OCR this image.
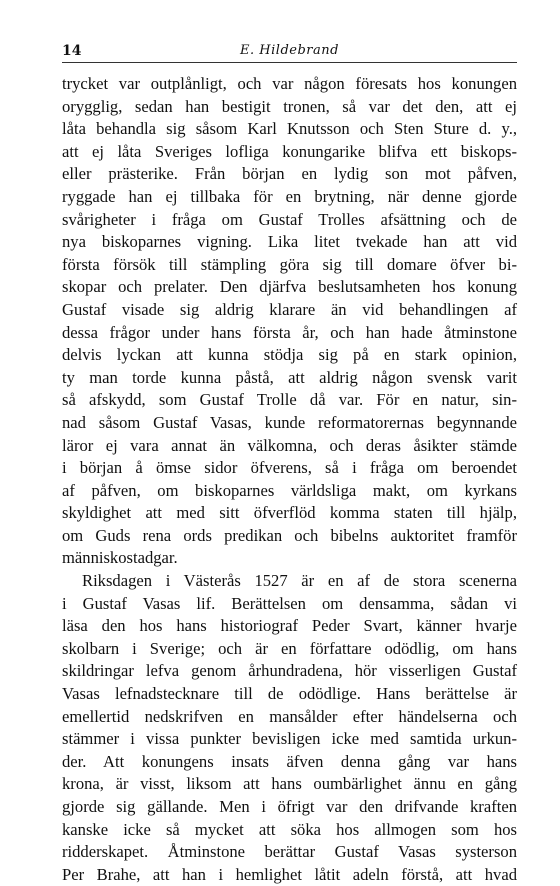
14	E. Hildebrand
trycket var outplånligt, och var någon föresats hos konungen
orygglig, sedan han bestigit tronen, så var det den, att ej
låta behandla sig såsom Karl Knutsson och Sten Sture d. y.,
att ej låta Sveriges lofliga konungarike blifva ett biskops-
eller prästerike. Från början en lydig son mot påfven,
ryggade han ej tillbaka för en brytning, när denne gjorde
svårigheter i fråga om Gustaf Trolles afsättning och de
nya biskoparnes vigning. Lika litet tvekade han att vid
första försök till stämpling göra sig till domare öfver bi-
skopar och prelater. Den djärfva beslutsamheten hos konung
Gustaf visade sig aldrig klarare än vid behandlingen af
dessa frågor under hans första år, och han hade åtminstone
delvis lyckan att kunna stödja sig på en stark opinion,
ty man torde kunna påstå, att aldrig någon svensk varit
så afskydd, som Gustaf Trolle då var. För en natur, sin-
nad såsom Gustaf Vasas, kunde reformatorernas begynnande
läror ej vara annat än välkomna, och deras åsikter stämde
i början å ömse sidor öfverens, så i fråga om beroendet
af påfven, om biskoparnes världsliga makt, om kyrkans
skyldighet att med sitt öfverflöd komma staten till hjälp,
om Guds rena ords predikan och bibelns auktoritet framför
människostadgar.
Riksdagen i Västerås 1527 är en af de stora scenerna
i Gustaf Vasas lif. Berättelsen om densamma, sådan vi
läsa den hos hans historiograf Peder Svart, känner hvarje
skolbarn i Sverige; och är en författare odödlig, om hans
skildringar lefva genom århundradena, hör visserligen Gustaf
Vasas lefnadstecknare till de odödlige. Hans berättelse är
emellertid nedskrifven en mansålder efter händelserna och
stämmer i vissa punkter bevisligen icke med samtida urkun-
der. Att konungens insats äfven denna gång var hans
krona, är visst, liksom att hans oumbärlighet ännu en gång
gjorde sig gällande. Men i öfrigt var den drifvande kraften
kanske icke så mycket att söka hos allmogen som hos
ridderskapet. Åtminstone berättar Gustaf Vasas systerson
Per Brahe, att han i hemlighet låtit adeln förstå, att hvad
